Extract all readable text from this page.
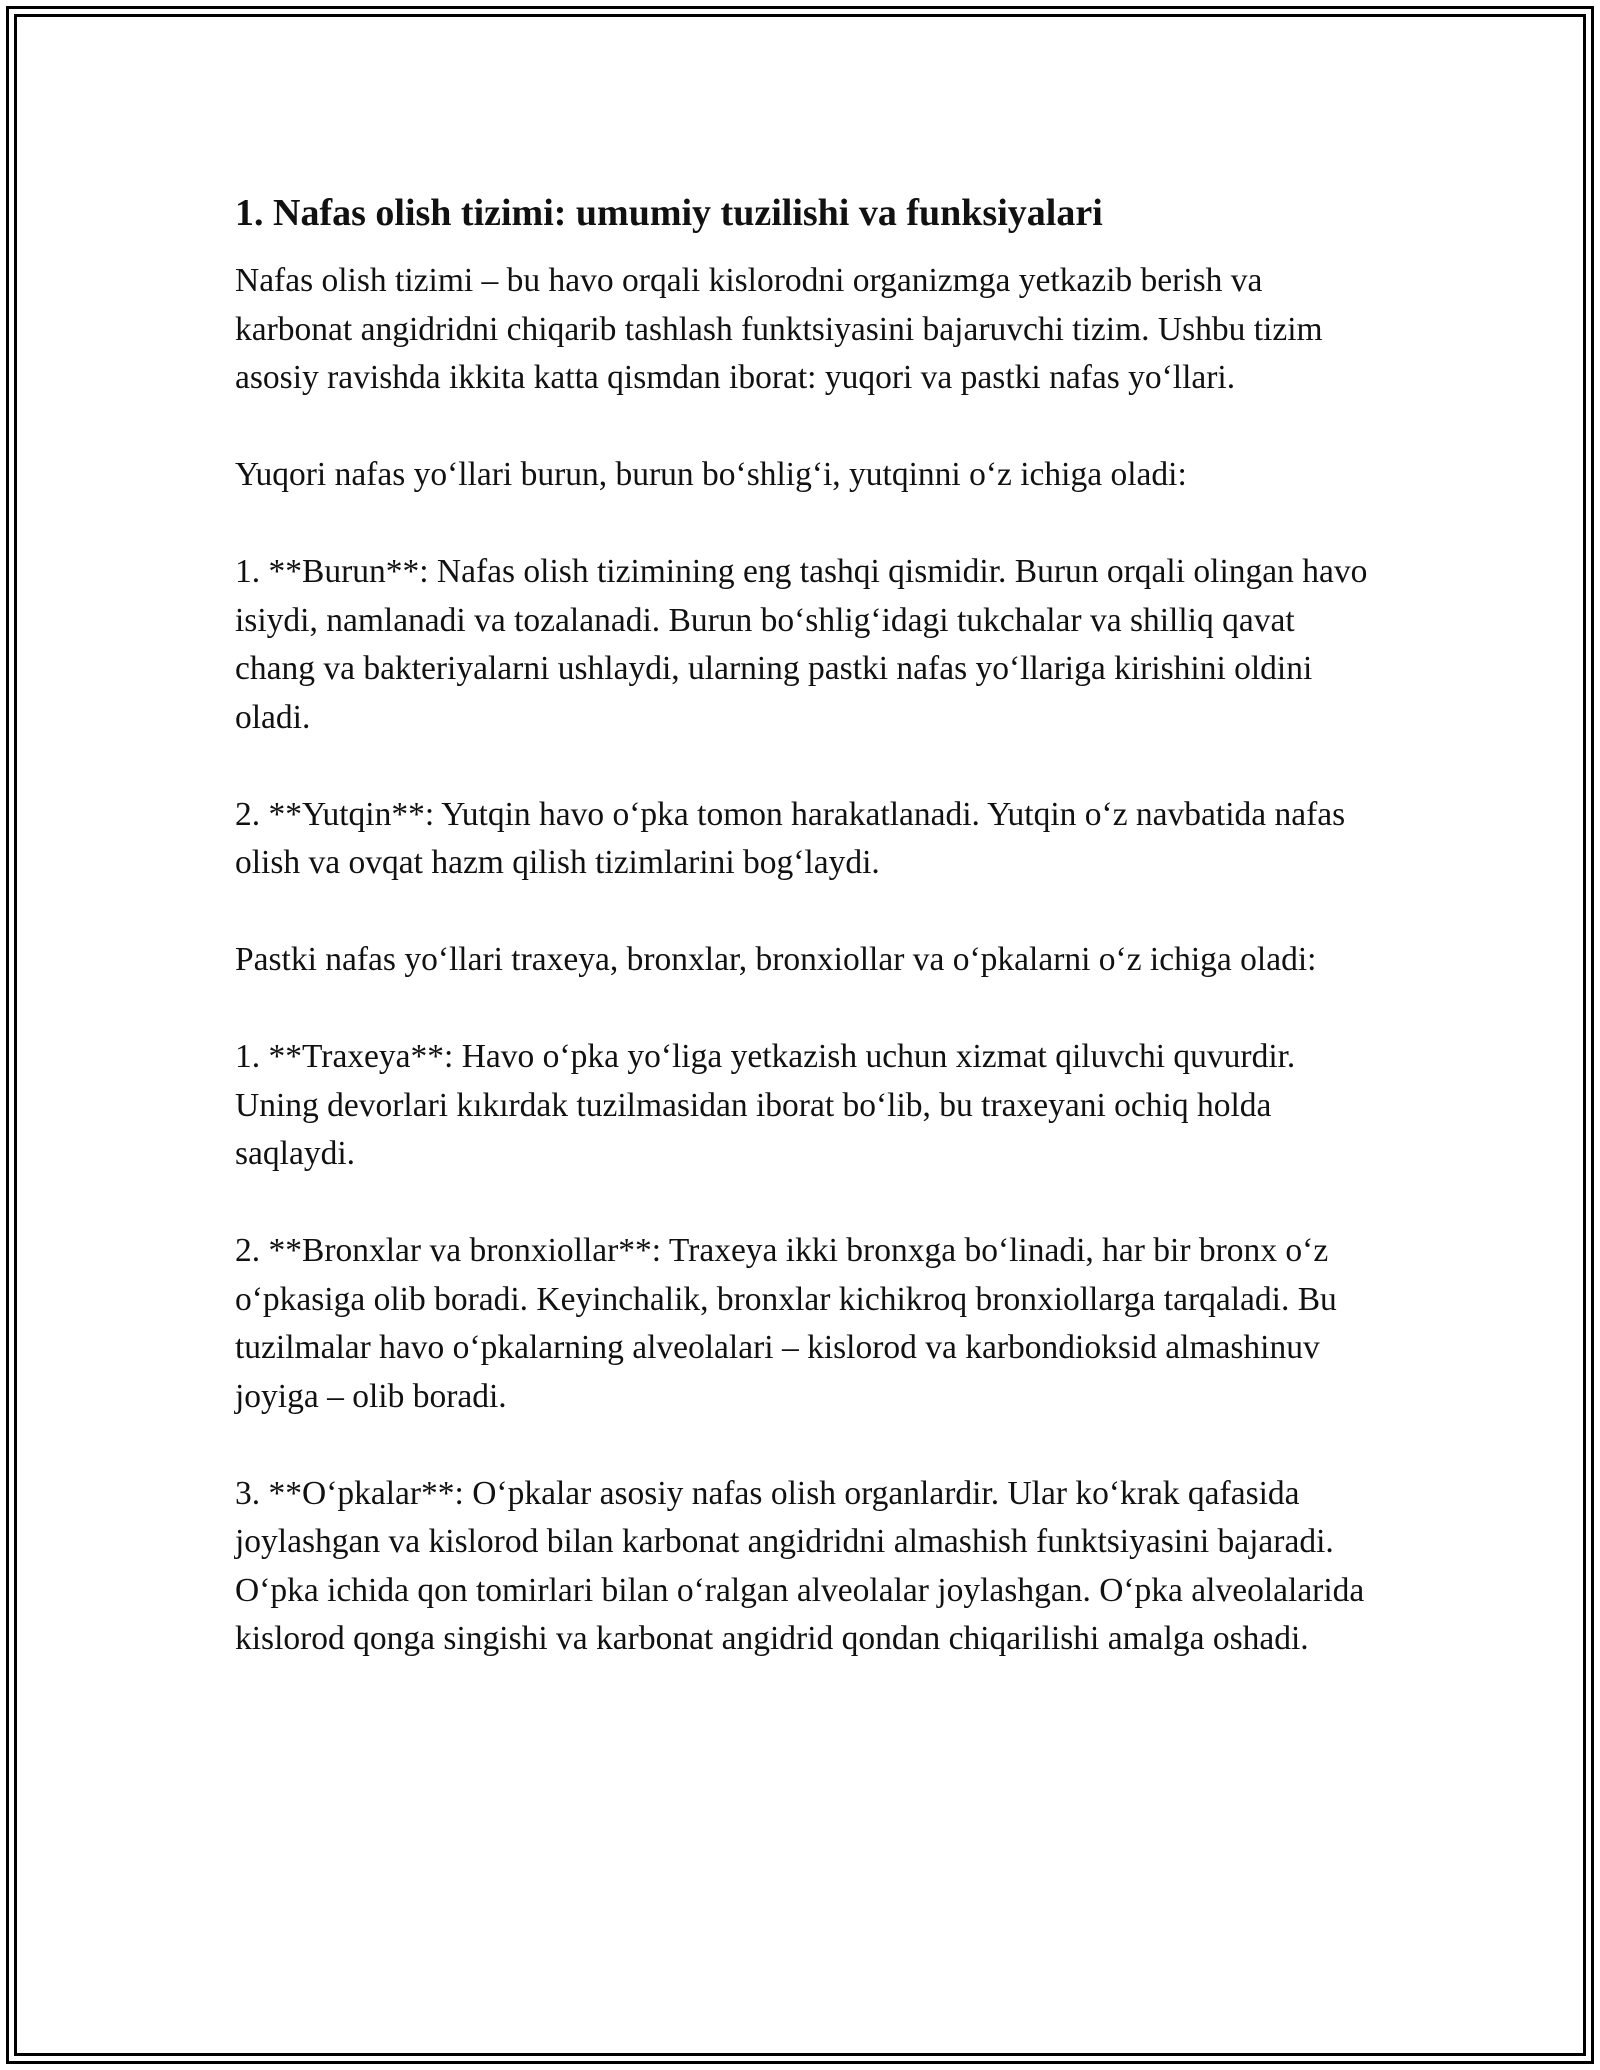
1. Nafas olish tizimi: umumiy tuzilishi va funksiyalari

Nafas olish tizimi – bu havo orqali kislorodni organizmga yetkazib berish va karbonat angidridni chiqarib tashlash funktsiyasini bajaruvchi tizim. Ushbu tizim asosiy ravishda ikkita katta qismdan iborat: yuqori va pastki nafas yo‘llari.

Yuqori nafas yo‘llari burun, burun bo‘shlig‘i, yutqinni o‘z ichiga oladi:

1. **Burun**: Nafas olish tizimining eng tashqi qismidir. Burun orqali olingan havo isiydi, namlanadi va tozalanadi. Burun bo‘shlig‘idagi tukchalar va shilliq qavat chang va bakteriyalarni ushlaydi, ularning pastki nafas yo‘llariga kirishini oldini oladi.

2. **Yutqin**: Yutqin havo o‘pka tomon harakatlanadi. Yutqin o‘z navbatida nafas olish va ovqat hazm qilish tizimlarini bog‘laydi.

Pastki nafas yo‘llari traxeya, bronxlar, bronxiollar va o‘pkalarni o‘z ichiga oladi:

1. **Traxeya**: Havo o‘pka yo‘liga yetkazish uchun xizmat qiluvchi quvurdir. Uning devorlari kıkırdak tuzilmasidan iborat bo‘lib, bu traxeyani ochiq holda saqlaydi.

2. **Bronxlar va bronxiollar**: Traxeya ikki bronxga bo‘linadi, har bir bronx o‘z o‘pkasiga olib boradi. Keyinchalik, bronxlar kichikroq bronxiollarga tarqaladi. Bu tuzilmalar havo o‘pkalarning alveolalari – kislorod va karbondioksid almashinuv joyiga – olib boradi.

3. **O‘pkalar**: O‘pkalar asosiy nafas olish organlardir. Ular ko‘krak qafasida joylashgan va kislorod bilan karbonat angidridni almashish funktsiyasini bajaradi. O‘pka ichida qon tomirlari bilan o‘ralgan alveolalar joylashgan. O‘pka alveolalarida kislorod qonga singishi va karbonat angidrid qondan chiqarilishi amalga oshadi.
